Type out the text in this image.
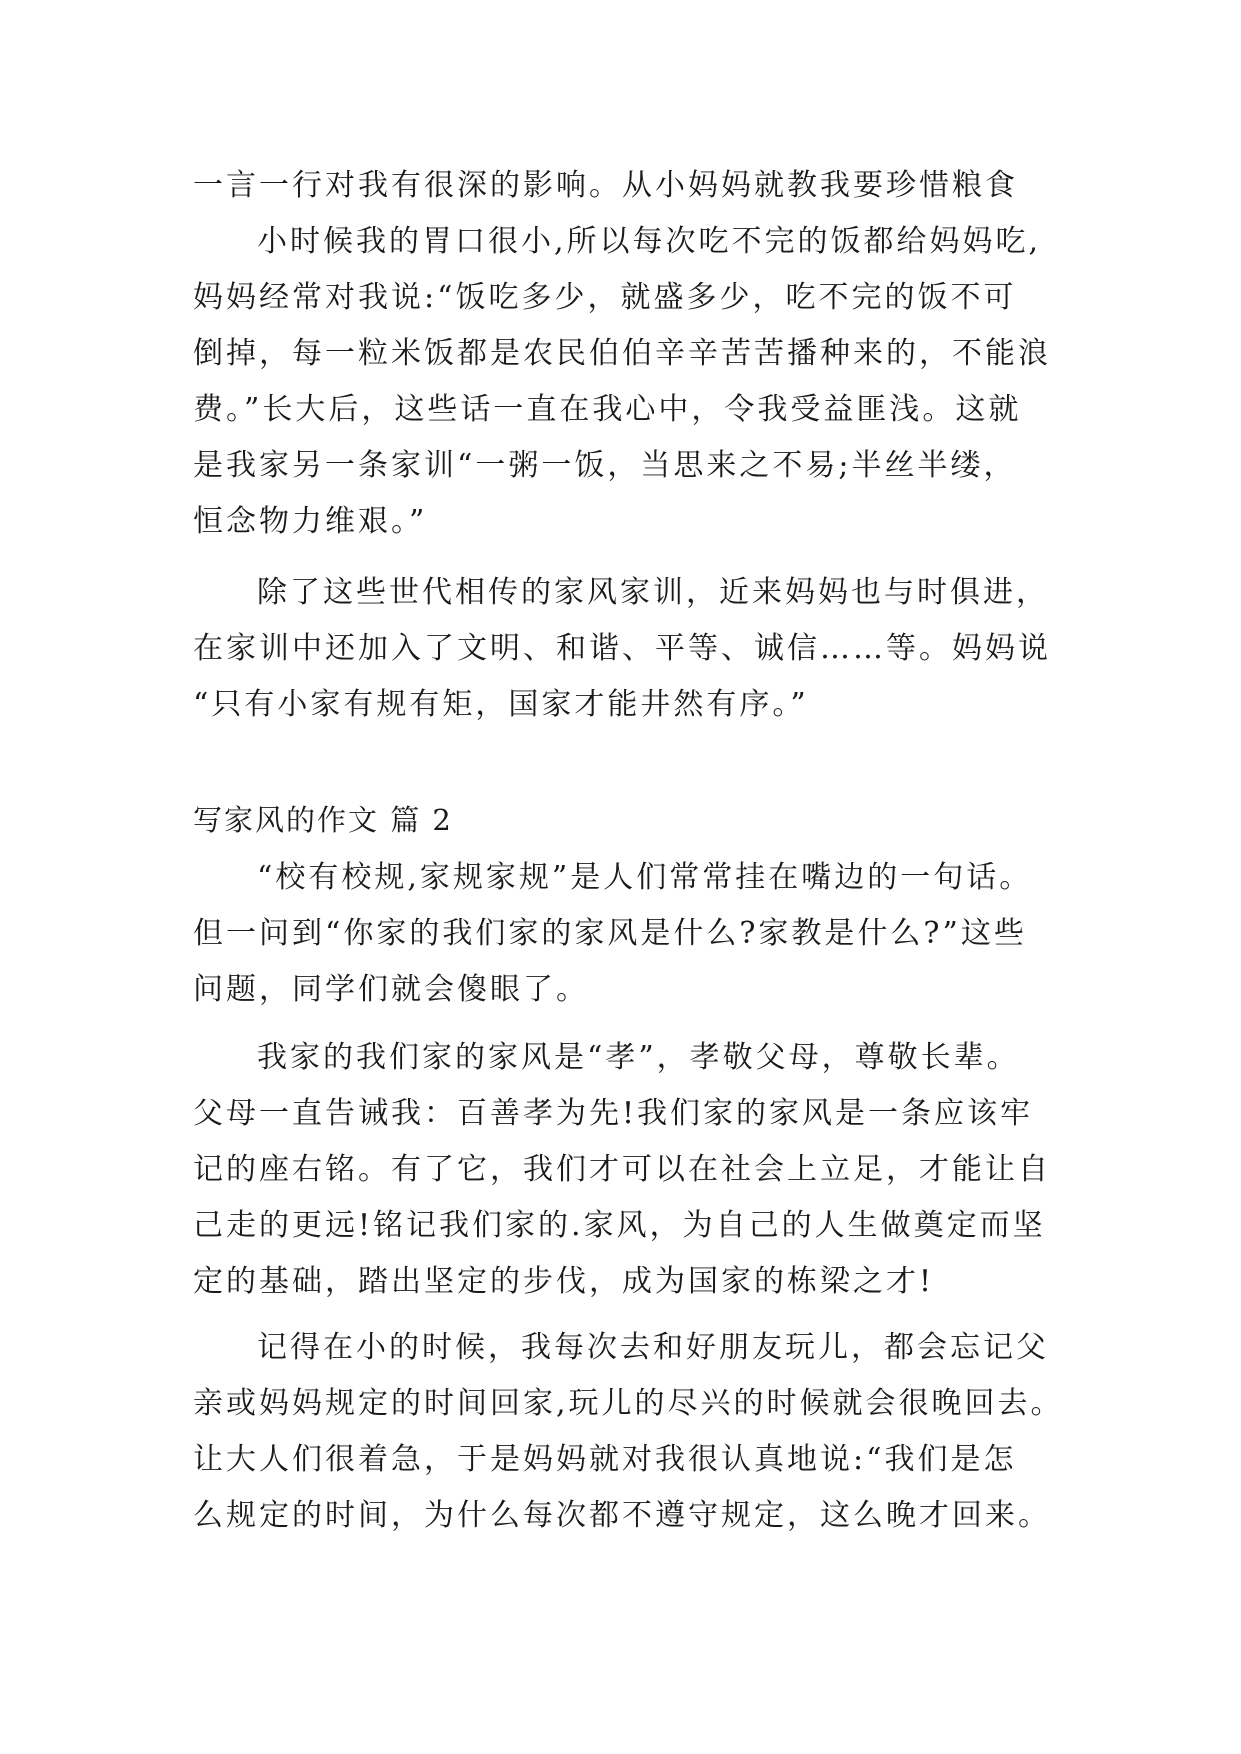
一言一行对我有很深的影响。从小妈妈就教我要珍惜粮食
小时候我的胃口很小,所以每次吃不完的饭都给妈妈吃,
妈妈经常对我说:“饭吃多少，就盛多少，吃不完的饭不可
倒掉，每一粒米饭都是农民伯伯辛辛苦苦播种来的，不能浪
费。”长大后，这些话一直在我心中，令我受益匪浅。这就
是我家另一条家训“一粥一饭，当思来之不易;半丝半缕，
恒念物力维艰。”
除了这些世代相传的家风家训，近来妈妈也与时俱进，
在家训中还加入了文明、和谐、平等、诚信……等。妈妈说
“只有小家有规有矩，国家才能井然有序。”
写家风的作文 篇 2
“校有校规,家规家规”是人们常常挂在嘴边的一句话。
但一问到“你家的我们家的家风是什么?家教是什么?”这些
问题，同学们就会傻眼了。
我家的我们家的家风是“孝”，孝敬父母，尊敬长辈。
父母一直告诫我：百善孝为先!我们家的家风是一条应该牢
记的座右铭。有了它，我们才可以在社会上立足，才能让自
己走的更远!铭记我们家的.家风，为自己的人生做奠定而坚
定的基础，踏出坚定的步伐，成为国家的栋梁之才!
记得在小的时候，我每次去和好朋友玩儿，都会忘记父
亲或妈妈规定的时间回家,玩儿的尽兴的时候就会很晚回去。
让大人们很着急，于是妈妈就对我很认真地说:“我们是怎
么规定的时间，为什么每次都不遵守规定，这么晚才回来。
